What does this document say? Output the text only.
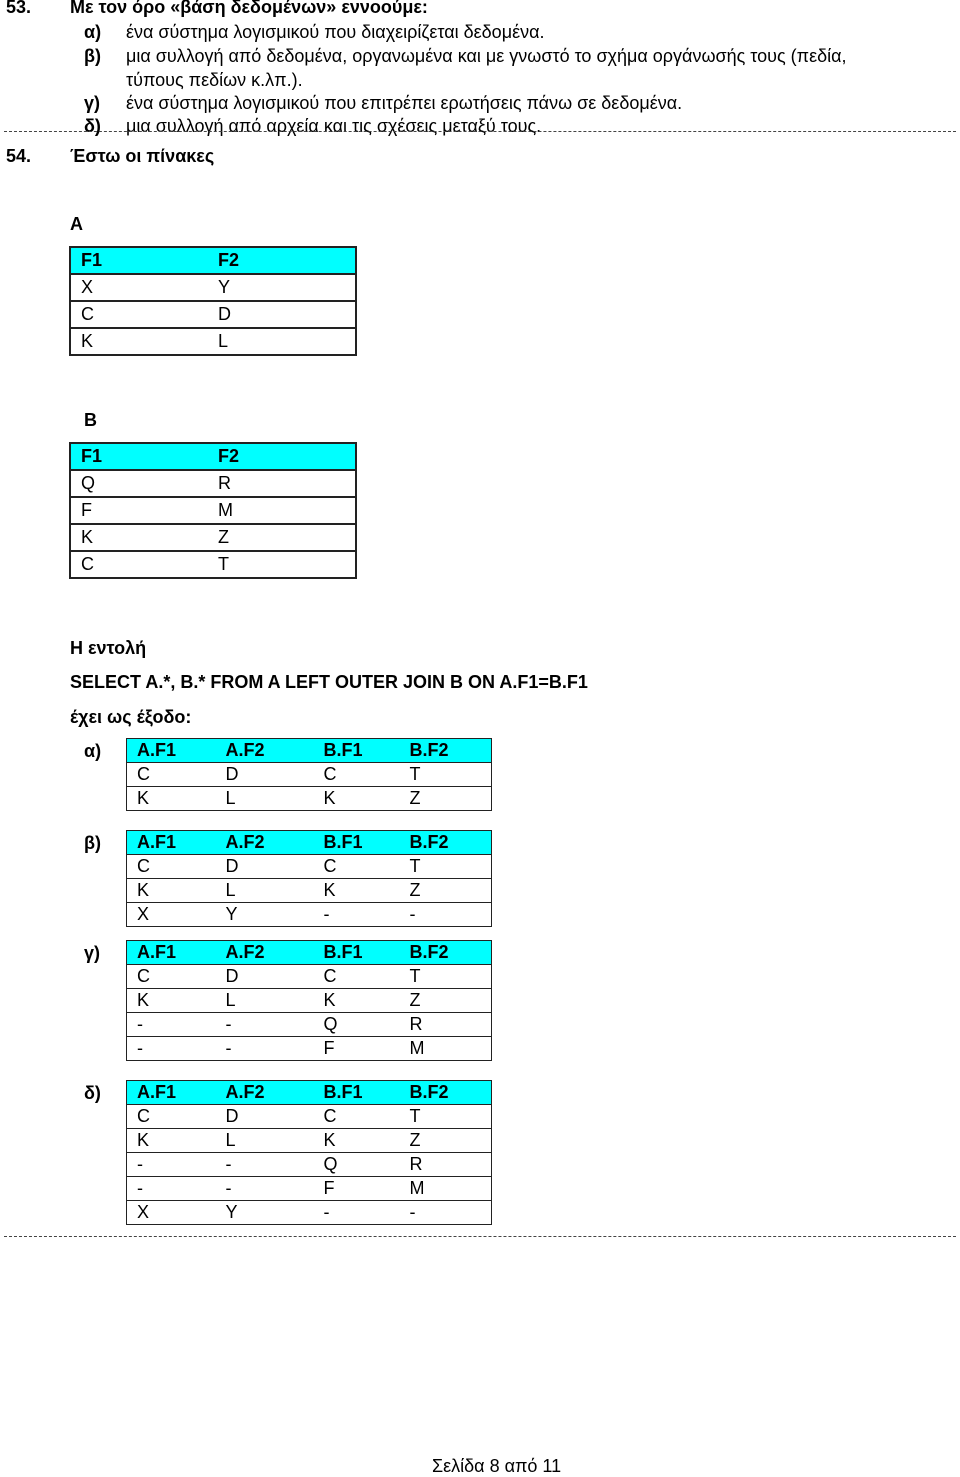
53. Με τον όρο «βάση δεδομένων» εννοούμε:
α) ένα σύστημα λογισμικού που διαχειρίζεται δεδομένα.
β) μια συλλογή από δεδομένα, οργανωμένα και με γνωστό το σχήμα οργάνωσής τους (πεδία,
τύπους πεδίων κ.λπ.).
γ) ένα σύστημα λογισμικού που επιτρέπει ερωτήσεις πάνω σε δεδομένα.
δ) μια συλλογή από αρχεία και τις σχέσεις μεταξύ τους.
54. Έστω οι πίνακες
A
F1	F2
X	Y
C	D
K	L
B
F1	F2
Q	R
F	M
K	Z
C	T
Η εντολή
SELECT A.*, B.* FROM A LEFT OUTER JOIN B ON A.F1=B.F1
έχει ως έξοδο:
α) A.F1	A.F2	B.F1	B.F2
C	D	C	T
K	L	K	Z
β) A.F1	A.F2	B.F1	B.F2
C	D	C	T
K	L	K	Z
X	Y	-	-
γ) A.F1	A.F2	B.F1	B.F2
C	D	C	T
K	L	K	Z
-	-	Q	R
-	-	F	M
δ) A.F1	A.F2	B.F1	B.F2
C	D	C	T
K	L	K	Z
-	-	Q	R
-	-	F	M
X	Y	-	-
Σελίδα 8 από 11
